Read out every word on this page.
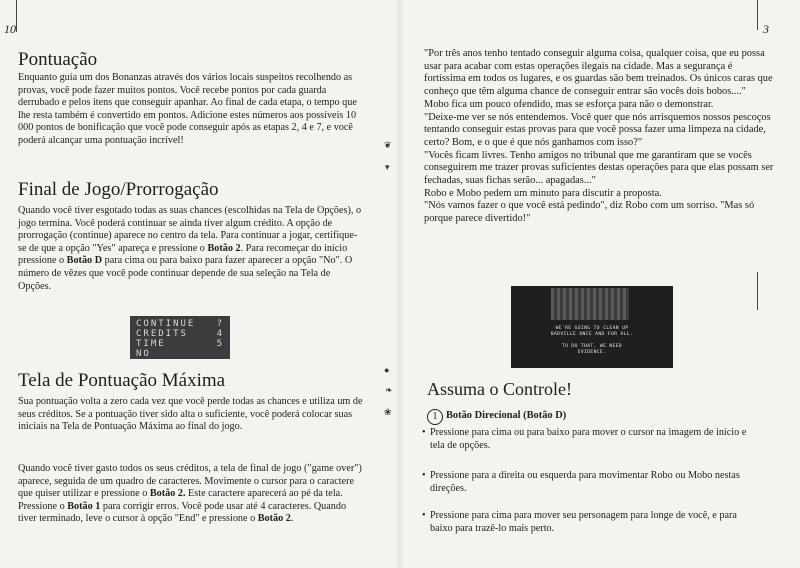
10
Pontuação

Enquanto guia um dos Bonanzas através dos vários locais suspeitos recolhendo as provas, você pode fazer muitos pontos. Você recebe pontos por cada guarda derrubado e pelos itens que conseguir apanhar. Ao final de cada etapa, o tempo que lhe resta também é convertido em pontos. Adicione estes números aos possíveis 10 000 pontos de bonificação que você pode conseguir após as etapas 2, 4 e 7, e você poderá alcançar uma pontuação incrível!

Final de Jogo/Prorrogação

Quando você tiver esgotado todas as suas chances (escolhidas na Tela de Opções), o jogo termina. Você poderá continuar se ainda tiver algum crédito. A opção de prorrogação (continue) aparece no centro da tela. Para continuar a jogar, certifique-se de que a opção "Yes" apareça e pressione o Botão 2. Para recomeçar do início pressione o Botão D para cima ou para baixo para fazer aparecer a opção "No". O número de vêzes que você pode continuar depende de sua seleção na Tela de Opções.

CONTINUE ?
CREDITS	4
TIME	5
NO
Tela de Pontuação Máxima

Sua pontuação volta a zero cada vez que você perde todas as chances e utiliza um de seus créditos. Se a pontuação tiver sido alta o suficiente, você poderá colocar suas iniciais na Tela de Pontuação Máxima ao final do jogo.

Quando você tiver gasto todos os seus créditos, a tela de final de jogo ("game over") aparece, seguida de um quadro de caracteres. Movimente o cursor para o caractere que quiser utilizar e pressione o Botão 2. Este caractere aparecerá ao pé da tela. Pressione o Botão 1 para corrigir erros. Você pode usar até 4 caracteres. Quando tiver terminado, leve o cursor à opção "End" e pressione o Botão 2.

❦
▾
●
❧
❀
3
"Por três anos tenho tentado conseguir alguma coisa, qualquer coisa, que eu possa usar para acabar com estas operações ilegais na cidade. Mas a segurança é fortíssima em todos os lugares, e os guardas são bem treinados. Os únicos caras que conheço que têm alguma chance de conseguir entrar são vocês dois bobos...."
Mobo fica um pouco ofendido, mas se esforça para não o demonstrar.
"Deixe-me ver se nós entendemos. Você quer que nós arrisquemos nossos pescoços tentando conseguir estas provas para que você possa fazer uma limpeza na cidade, certo? Bom, e o que é que nós ganhamos com isso?"
"Vocês ficam livres. Tenho amigos no tribunal que me garantiram que se vocês conseguirem me trazer provas suficientes destas operações para que elas possam ser fechadas, suas fichas serão... apagadas..."
Robo e Mobo pedem um minuto para discutir a proposta.
"Nós vamos fazer o que você está pedindo", diz Robo com um sorriso. "Mas só porque parece divertido!"
WE'RE GOING TO CLEAN UP
BADVILLE ONCE AND FOR ALL.
TO DO THAT, WE NEED
EVIDENCE.
Assuma o Controle!
1 Botão Direcional (Botão D)
• Pressione para cima ou para baixo para mover o cursor na imagem de início e tela de opções.
• Pressione para a direita ou esquerda para movimentar Robo ou Mobo nestas direções.
• Pressione para cima para mover seu personagem para longe de você, e para baixo para trazê-lo mais perto.
